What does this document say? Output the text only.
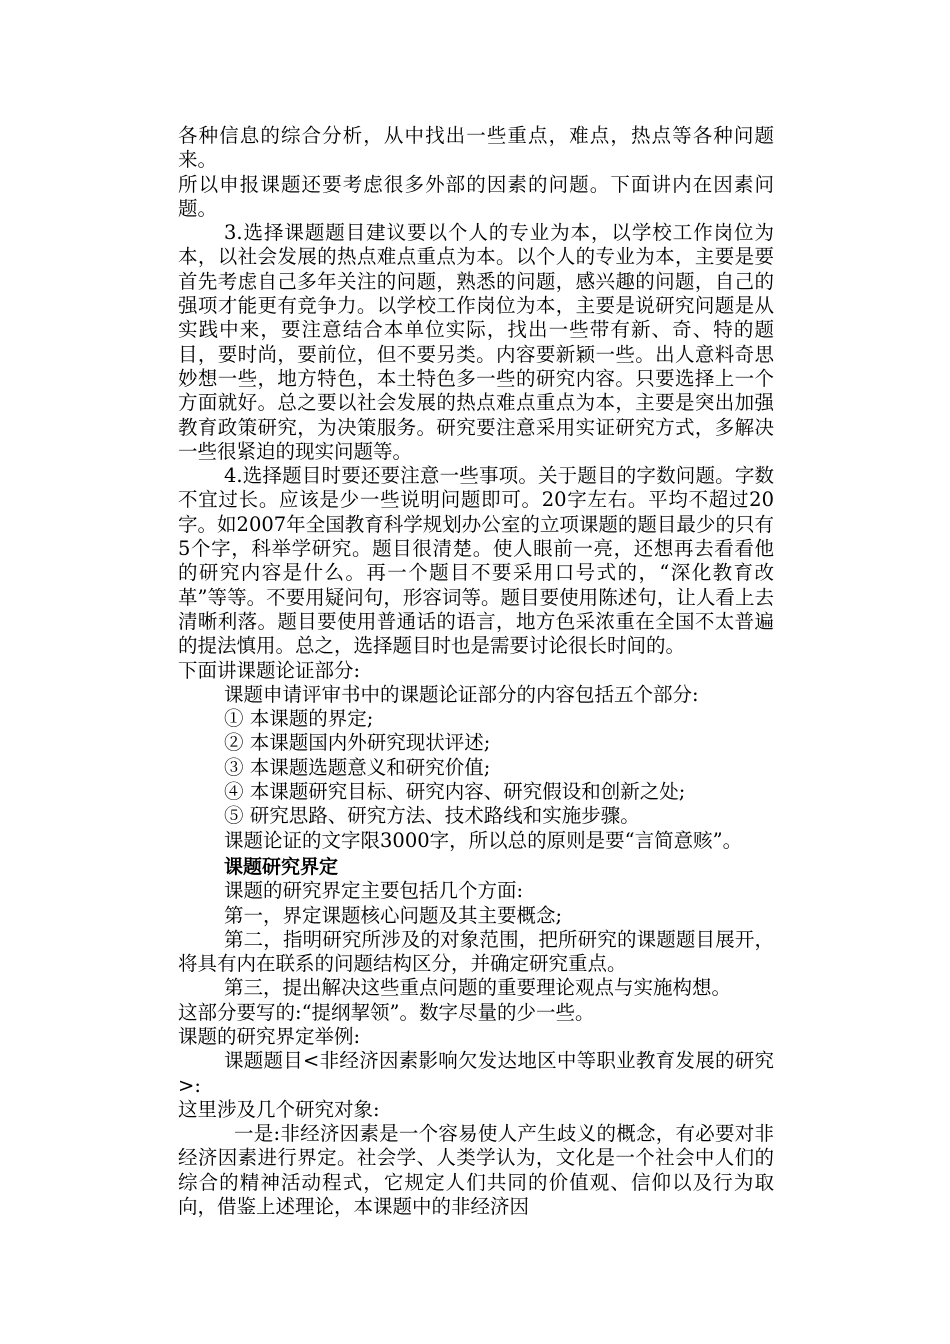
各种信息的综合分析，从中找出一些重点，难点，热点等各种问题来。

所以申报课题还要考虑很多外部的因素的问题。下面讲内在因素问题。

3.选择课题题目建议要以个人的专业为本，以学校工作岗位为本，以社会发展的热点难点重点为本。以个人的专业为本，主要是要首先考虑自己多年关注的问题，熟悉的问题，感兴趣的问题，自己的强项才能更有竞争力。以学校工作岗位为本，主要是说研究问题是从实践中来，要注意结合本单位实际，找出一些带有新、奇、特的题目，要时尚，要前位，但不要另类。内容要新颖一些。出人意料奇思妙想一些，地方特色，本土特色多一些的研究内容。只要选择上一个方面就好。总之要以社会发展的热点难点重点为本，主要是突出加强教育政策研究，为决策服务。研究要注意采用实证研究方式，多解决一些很紧迫的现实问题等。

4.选择题目时要还要注意一些事项。关于题目的字数问题。字数不宜过长。应该是少一些说明问题即可。20字左右。平均不超过20字。如2007年全国教育科学规划办公室的立项课题的题目最少的只有5个字，科举学研究。题目很清楚。使人眼前一亮，还想再去看看他的研究内容是什么。再一个题目不要采用口号式的，“深化教育改革”等等。不要用疑问句，形容词等。题目要使用陈述句，让人看上去清晰利落。题目要使用普通话的语言，地方色采浓重在全国不太普遍的提法慎用。总之，选择题目时也是需要讨论很长时间的。

下面讲课题论证部分:

课题申请评审书中的课题论证部分的内容包括五个部分:

① 本课题的界定;

② 本课题国内外研究现状评述;

③ 本课题选题意义和研究价值;

④ 本课题研究目标、研究内容、研究假设和创新之处;

⑤ 研究思路、研究方法、技术路线和实施步骤。

课题论证的文字限3000字，所以总的原则是要“言简意赅”。

课题研究界定

课题的研究界定主要包括几个方面:

第一，界定课题核心问题及其主要概念;

第二，指明研究所涉及的对象范围，把所研究的课题题目展开，将具有内在联系的问题结构区分，并确定研究重点。

第三，提出解决这些重点问题的重要理论观点与实施构想。

这部分要写的:“提纲挈领”。数字尽量的少一些。

课题的研究界定举例:

课题题目<非经济因素影响欠发达地区中等职业教育发展的研究>:

这里涉及几个研究对象:

一是:非经济因素是一个容易使人产生歧义的概念，有必要对非经济因素进行界定。社会学、人类学认为，文化是一个社会中人们的综合的精神活动程式，它规定人们共同的价值观、信仰以及行为取向，借鉴上述理论，本课题中的非经济因
